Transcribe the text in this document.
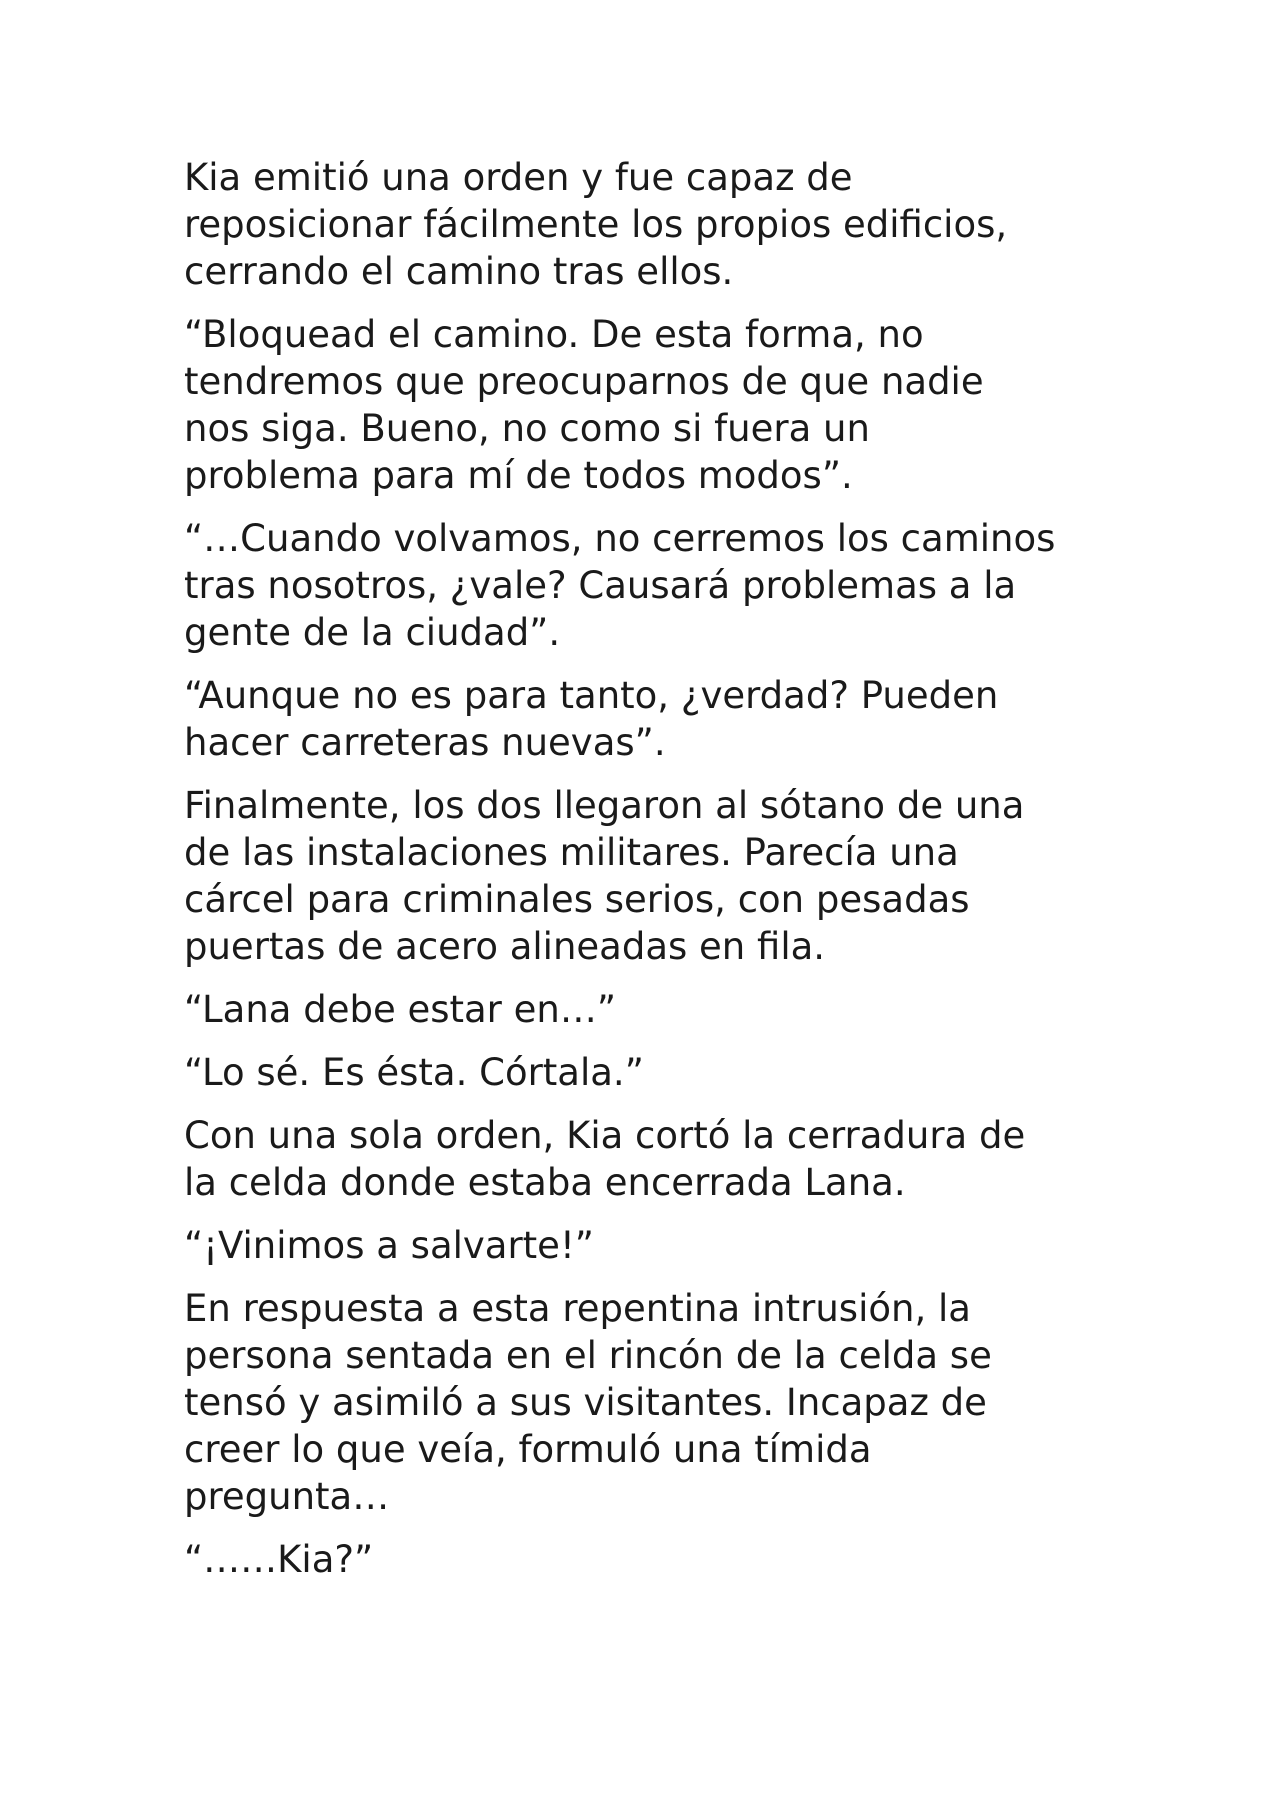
Kia emitió una orden y fue capaz de
reposicionar fácilmente los propios edificios,
cerrando el camino tras ellos.

“Bloquead el camino. De esta forma, no
tendremos que preocuparnos de que nadie
nos siga. Bueno, no como si fuera un
problema para mí de todos modos”.

“…Cuando volvamos, no cerremos los caminos
tras nosotros, ¿vale? Causará problemas a la
gente de la ciudad”.

“Aunque no es para tanto, ¿verdad? Pueden
hacer carreteras nuevas”.

Finalmente, los dos llegaron al sótano de una
de las instalaciones militares. Parecía una
cárcel para criminales serios, con pesadas
puertas de acero alineadas en fila.

“Lana debe estar en…”

“Lo sé. Es ésta. Córtala.”

Con una sola orden, Kia cortó la cerradura de
la celda donde estaba encerrada Lana.

“¡Vinimos a salvarte!”

En respuesta a esta repentina intrusión, la
persona sentada en el rincón de la celda se
tensó y asimiló a sus visitantes. Incapaz de
creer lo que veía, formuló una tímida
pregunta…

“……Kia?”
